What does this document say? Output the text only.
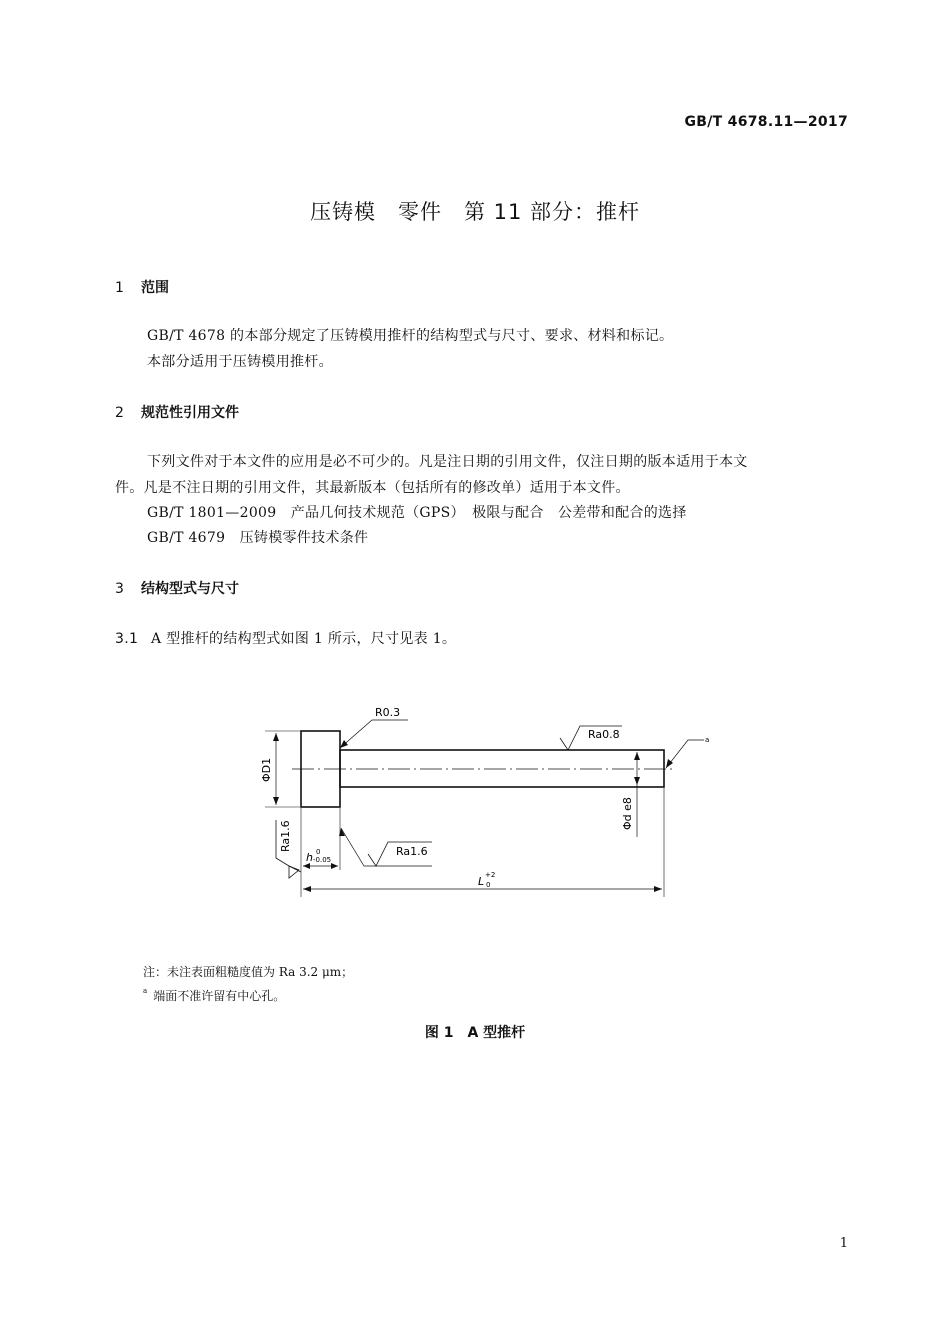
GB/T 4678.11—2017
压铸模　零件　第 11 部分：推杆
1 范围
GB/T 4678 的本部分规定了压铸模用推杆的结构型式与尺寸、要求、材料和标记。
本部分适用于压铸模用推杆。
2 规范性引用文件
下列文件对于本文件的应用是必不可少的。凡是注日期的引用文件，仅注日期的版本适用于本文
件。凡是不注日期的引用文件，其最新版本（包括所有的修改单）适用于本文件。
GB/T 1801—2009　产品几何技术规范（GPS）　极限与配合　公差带和配合的选择
GB/T 4679　压铸模零件技术条件
3 结构型式与尺寸
3.1 A 型推杆的结构型式如图 1 所示，尺寸见表 1。
R0.3
Ra0.8
Ra1.6
Ra1.6
ΦD1
Φd e8
h 0
-0.05
L +2
0
a
注：未注表面粗糙度值为 Ra 3.2 μm；
$^a$ 端面不准许留有中心孔。
图 1　A 型推杆
1
